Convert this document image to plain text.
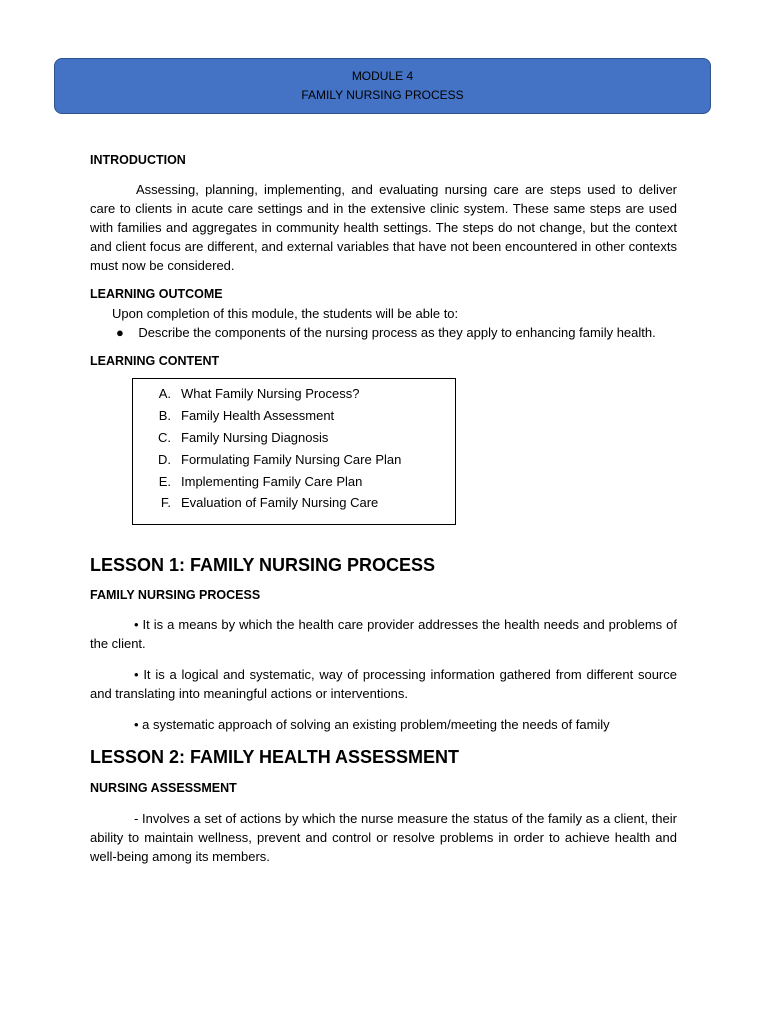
MODULE 4
FAMILY NURSING PROCESS

INTRODUCTION

Assessing, planning, implementing, and evaluating nursing care are steps used to deliver care to clients in acute care settings and in the extensive clinic system. These same steps are used with families and aggregates in community health settings. The steps do not change, but the context and client focus are different, and external variables that have not been encountered in other contexts must now be considered.

LEARNING OUTCOME

Upon completion of this module, the students will be able to:

● Describe the components of the nursing process as they apply to enhancing family health.

LEARNING CONTENT

A. What Family Nursing Process?
B. Family Health Assessment
C. Family Nursing Diagnosis
D. Formulating Family Nursing Care Plan
E. Implementing Family Care Plan
F. Evaluation of Family Nursing Care

LESSON 1: FAMILY NURSING PROCESS

FAMILY NURSING PROCESS

• It is a means by which the health care provider addresses the health needs and problems of the client.

• It is a logical and systematic, way of processing information gathered from different source and translating into meaningful actions or interventions.

• a systematic approach of solving an existing problem/meeting the needs of family

LESSON 2: FAMILY HEALTH ASSESSMENT

NURSING ASSESSMENT

- Involves a set of actions by which the nurse measure the status of the family as a client, their ability to maintain wellness, prevent and control or resolve problems in order to achieve health and well-being among its members.
